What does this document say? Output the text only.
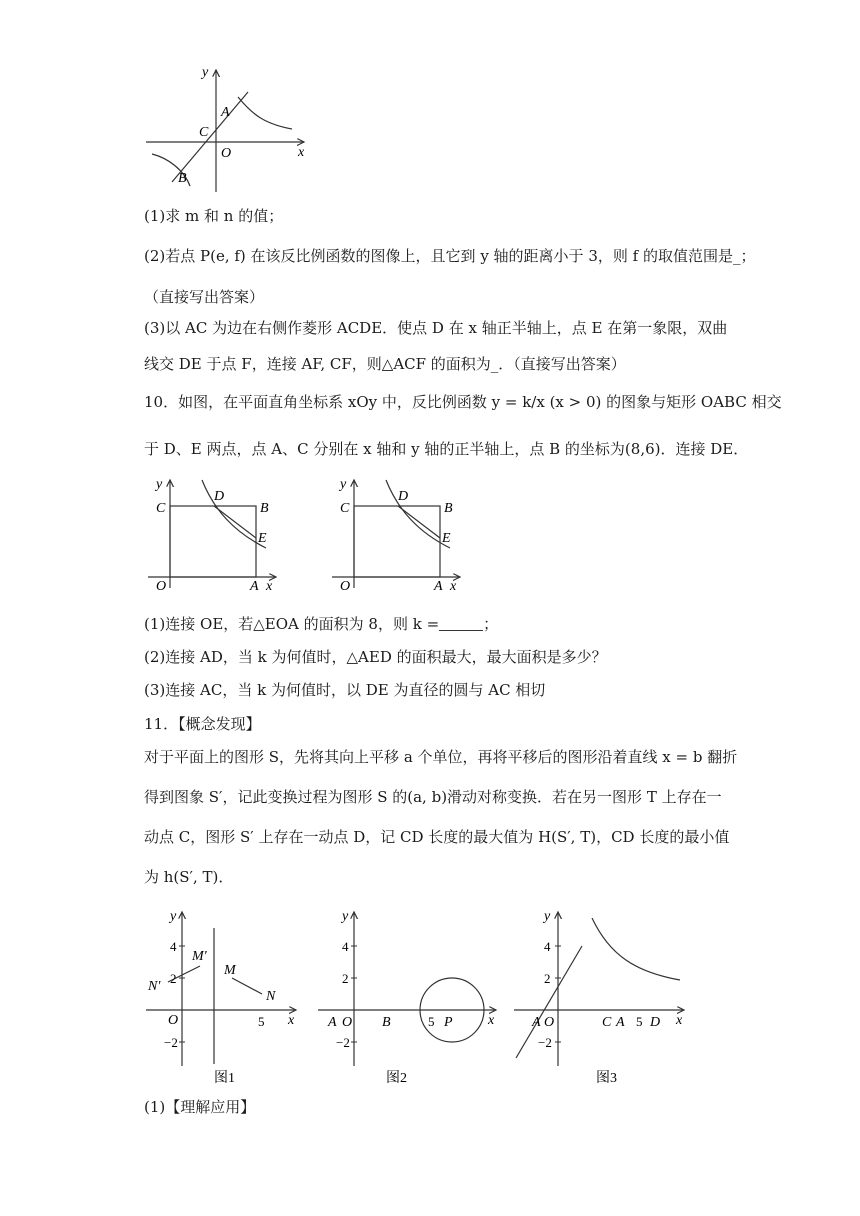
y
x
A
B
C
O
(1)求 m 和 n 的值；
(2)若点 P(e, f) 在该反比例函数的图像上，且它到 y 轴的距离小于 3，则 f 的取值范围是_；
（直接写出答案）
(3)以 AC 为边在右侧作菱形 ACDE．使点 D 在 x 轴正半轴上，点 E 在第一象限，双曲
线交 DE 于点 F，连接 AF, CF，则△ACF 的面积为_．（直接写出答案）
10．如图，在平面直角坐标系 xOy 中，反比例函数 y = k/x (x > 0) 的图象与矩形 OABC 相交
于 D、E 两点，点 A、C 分别在 x 轴和 y 轴的正半轴上，点 B 的坐标为(8,6)．连接 DE．
y
C
D
B
E
O	A x
y
C
D
B
E
O	A x
(1)连接 OE，若△EOA 的面积为 8，则 k =	；
(2)连接 AD，当 k 为何值时，△AED 的面积最大，最大面积是多少？
(3)连接 AC，当 k 为何值时，以 DE 为直径的圆与 AC 相切
11．【概念发现】
对于平面上的图形 S，先将其向上平移 a 个单位，再将平移后的图形沿着直线 x = b 翻折
得到图象 S′，记此变换过程为图形 S 的(a, b)滑动对称变换．若在另一图形 T 上存在一
动点 C，图形 S′ 上存在一动点 D，记 CD 长度的最大值为 H(S′, T)，CD 长度的最小值
为 h(S′, T)．
y
4
2
−2
O	5 x
M
N
M′
N′
图1
y
4
2
−2
A O B	5 P	x
图2
y
4
2
−2
A O	C A 5 D x
图3
(1)【理解应用】
